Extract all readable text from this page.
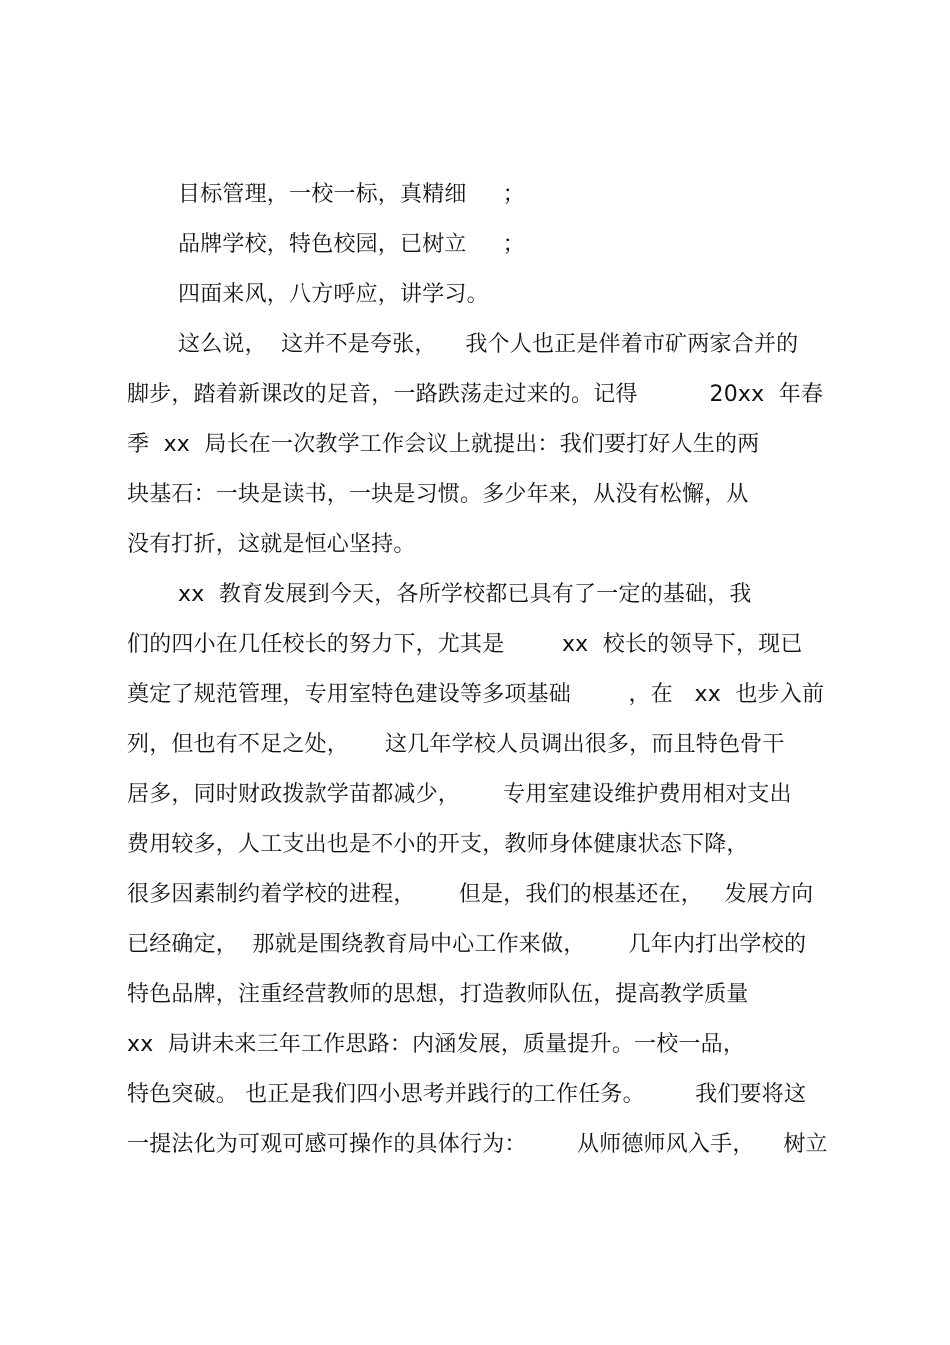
目标管理，一校一标，真精细     ；
品牌学校，特色校园，已树立     ；
四面来风，八方呼应，讲学习。
这么说，  这并不是夸张，    我个人也正是伴着市矿两家合并的
脚步，踏着新课改的足音，一路跌荡走过来的。记得          20xx  年春
季  xx  局长在一次教学工作会议上就提出：我们要打好人生的两
块基石：一块是读书，一块是习惯。多少年来，从没有松懈，从
没有打折，这就是恒心坚持。
xx  教育发展到今天，各所学校都已具有了一定的基础，我
们的四小在几任校长的努力下，尤其是        xx  校长的领导下，现已
奠定了规范管理，专用室特色建设等多项基础        ，在   xx  也步入前
列，但也有不足之处，     这几年学校人员调出很多，而且特色骨干
居多，同时财政拨款学苗都减少，      专用室建设维护费用相对支出
费用较多，人工支出也是不小的开支，教师身体健康状态下降，
很多因素制约着学校的进程，      但是，我们的根基还在，   发展方向
已经确定，  那就是围绕教育局中心工作来做，      几年内打出学校的
特色品牌，注重经营教师的思想，打造教师队伍，提高教学质量
xx  局讲未来三年工作思路：内涵发展，质量提升。一校一品，
特色突破。 也正是我们四小思考并践行的工作任务。       我们要将这
一提法化为可观可感可操作的具体行为：       从师德师风入手，    树立
